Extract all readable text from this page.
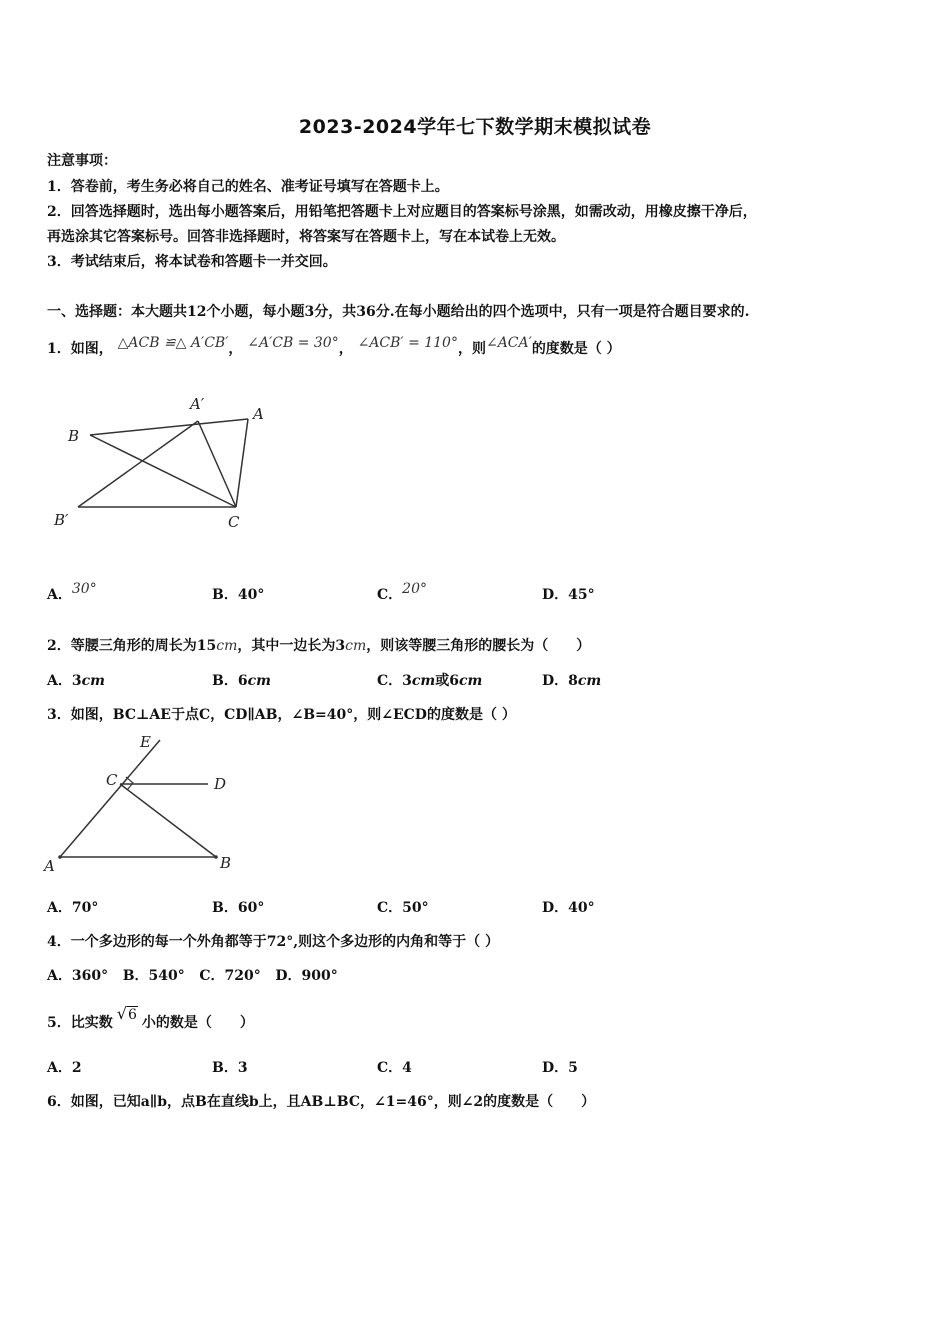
2023-2024学年七下数学期末模拟试卷
注意事项：
1．答卷前，考生务必将自己的姓名、准考证号填写在答题卡上。
2．回答选择题时，选出每小题答案后，用铅笔把答题卡上对应题目的答案标号涂黑，如需改动，用橡皮擦干净后，
再选涂其它答案标号。回答非选择题时，将答案写在答题卡上，写在本试卷上无效。
3．考试结束后，将本试卷和答题卡一并交回。
一、选择题：本大题共12个小题，每小题3分，共36分.在每小题给出的四个选项中，只有一项是符合题目要求的.
1．如图， △ACB ≌△ A′CB′， ∠A′CB = 30°， ∠ACB′ = 110°，则∠ACA′的度数是（ ）
B
A′
A
B′	C
A．30°	B．40°	C．20°	D．45°
2．等腰三角形的周长为15cm，其中一边长为3cm，则该等腰三角形的腰长为（　　）
A．3cm	B．6cm	C．3cm或6cm	D．8cm
3．如图，BC⊥AE于点C，CD∥AB，∠B=40°，则∠ECD的度数是（ ）
E
C	D
A	B
A．70°	B．60°	C．50°	D．40°
4．一个多边形的每一个外角都等于72°,则这个多边形的内角和等于（ ）
A．360°   B．540°   C．720°   D．900°
5．比实数 √6 小的数是（　　）
A．2	B．3	C．4	D．5
6．如图，已知a∥b，点B在直线b上，且AB⊥BC，∠1=46°，则∠2的度数是（　　）
